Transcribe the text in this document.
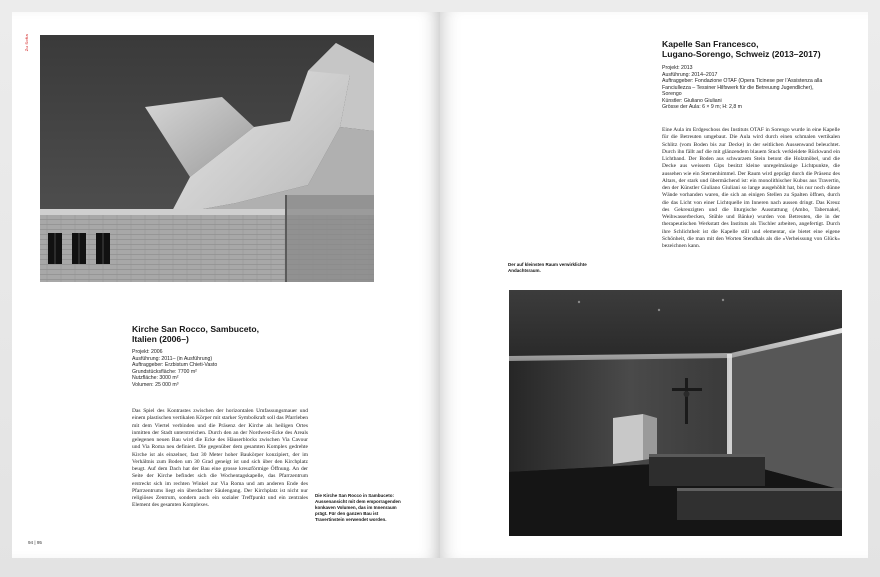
Zu Sofia
Kirche San Rocco, Sambuceto,
Italien (2006–)
Projekt: 2006
Ausführung: 2011– (in Ausführung)
Auftraggeber: Erzbistum Chieti-Vasto
Grundstücksfläche: 7700 m²
Nutzfläche: 3000 m²
Volumen: 25 000 m³
Das Spiel des Kontrastes zwischen der horizontalen Umfassungsmauer und einem plastischen vertikalen Körper mit starker Symbolkraft soll das Pfarrleben mit dem Viertel verbinden und die Präsenz der Kirche als heiligen Ortes inmitten der Stadt unterstreichen. Durch den an der Nordwest-Ecke des Areals gelegenen neuen Bau wird die Ecke des Häuserblocks zwischen Via Cavour und Via Roma neu definiert. Die gegenüber dem gesamten Komplex gedrehte Kirche ist als einzelner, fast 30 Meter hoher Baukörper konzipiert, der im Verhältnis zum Boden um 30 Grad geneigt ist und sich über den Kirchplatz beugt. Auf dem Dach hat der Bau eine grosse kreuzförmige Öffnung. An der Seite der Kirche befindet sich die Wochentagskapelle, das Pfarrzentrum erstreckt sich im rechten Winkel zur Via Roma und am anderen Ende des Pfarrzentrums liegt ein überdachter Säulengang. Der Kirchplatz ist nicht nur religiöses Zentrum, sondern auch ein sozialer Treffpunkt und ein zentrales Element des gesamten Komplexes.
Die Kirche San Rocco in Sambuceto: Aussenansicht mit dem emporragenden konkaven Volumen, das im Innenraum prägt. Für den ganzen Bau ist Travertinstein verwendet worden.
94 | 95
Kapelle San Francesco,
Lugano-Sorengo, Schweiz (2013–2017)
Projekt: 2013
Ausführung: 2014–2017
Auftraggeber: Fondazione OTAF (Opera Ticinese per l’Assistenza alla
Fanciullezza – Tessiner Hilfswerk für die Betreuung Jugendlicher),
Sorengo
Künstler: Giuliano Giuliani
Grösse der Aula: 6 × 9 m; H: 2,8 m
Eine Aula im Erdgeschoss des Instituts OTAF in Sorengo wurde in eine Kapelle für die Betreuten umgebaut. Die Aula wird durch einen schmalen vertikalen Schlitz (vom Boden bis zur Decke) in der seitlichen Aussenwand beleuchtet. Durch ihn fällt auf die mit glänzendem blauem Stuck verkleidete Rückwand ein Lichtband. Der Boden aus schwarzem Stein betont die Holzmöbel, und die Decke aus weissem Gips besitzt kleine unregelmässige Lichtpunkte, die aussehen wie ein Sternenhimmel. Der Raum wird geprägt durch die Präsenz des Altars, der stark und übermächend ist: ein monolithischer Kubus aus Travertin, den der Künstler Giuliano Giuliani so lange ausgehöhlt hat, bis nur noch dünne Wände vorhanden waren, die sich an einigen Stellen zu Spalten öffnen, durch die das Licht von einer Lichtquelle im Inneren nach aussen dringt. Das Kreuz des Gekreuzigten und die liturgische Ausstattung (Ambo, Tabernakel, Weihwasserbecken, Stühle und Bänke) wurden von Betreuten, die in der therapeutischen Werkstatt des Instituts als Tischler arbeiten, angefertigt. Durch ihre Schlichtheit ist die Kapelle still und elementar, sie bietet eine eigene Schönheit, die man mit den Worten Stendhals als die «Verheissung von Glück» bezeichnen kann.
Der auf kleinsten Raum verwirklichte Andachtsraum.
